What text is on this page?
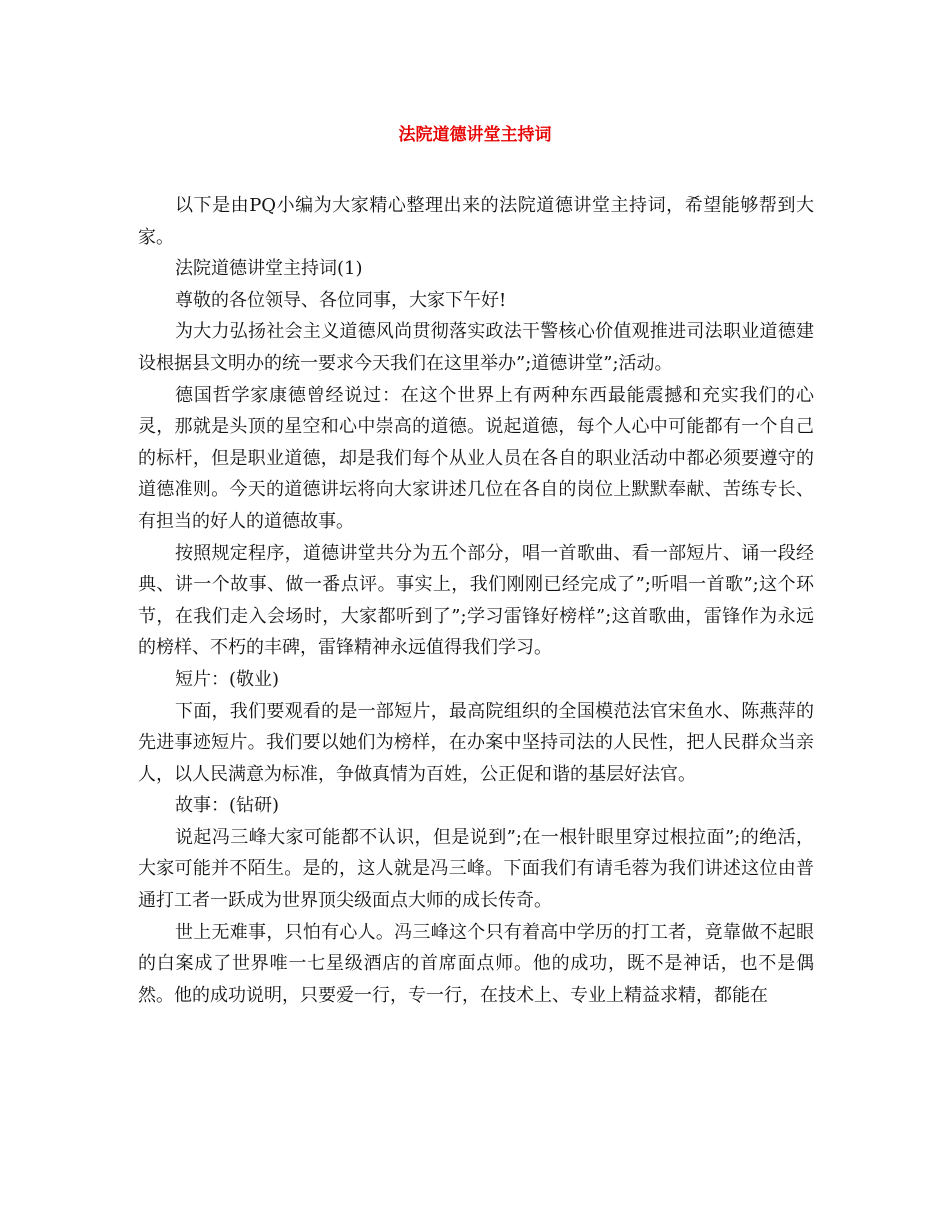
法院道德讲堂主持词

以下是由PQ小编为大家精心整理出来的法院道德讲堂主持词，希望能够帮到大家。

法院道德讲堂主持词(1)

尊敬的各位领导、各位同事，大家下午好!

为大力弘扬社会主义道德风尚贯彻落实政法干警核心价值观推进司法职业道德建设根据县文明办的统一要求今天我们在这里举办”;道德讲堂”;活动。

德国哲学家康德曾经说过：在这个世界上有两种东西最能震撼和充实我们的心灵，那就是头顶的星空和心中崇高的道德。说起道德，每个人心中可能都有一个自己的标杆，但是职业道德，却是我们每个从业人员在各自的职业活动中都必须要遵守的道德准则。今天的道德讲坛将向大家讲述几位在各自的岗位上默默奉献、苦练专长、有担当的好人的道德故事。

按照规定程序，道德讲堂共分为五个部分，唱一首歌曲、看一部短片、诵一段经典、讲一个故事、做一番点评。事实上，我们刚刚已经完成了”;听唱一首歌”;这个环节，在我们走入会场时，大家都听到了”;学习雷锋好榜样”;这首歌曲，雷锋作为永远的榜样、不朽的丰碑，雷锋精神永远值得我们学习。

短片：(敬业)

下面，我们要观看的是一部短片，最高院组织的全国模范法官宋鱼水、陈燕萍的先进事迹短片。我们要以她们为榜样，在办案中坚持司法的人民性，把人民群众当亲人，以人民满意为标准，争做真情为百姓，公正促和谐的基层好法官。

故事：(钻研)

说起冯三峰大家可能都不认识，但是说到”;在一根针眼里穿过根拉面”;的绝活，大家可能并不陌生。是的，这人就是冯三峰。下面我们有请毛蓉为我们讲述这位由普通打工者一跃成为世界顶尖级面点大师的成长传奇。

世上无难事，只怕有心人。冯三峰这个只有着高中学历的打工者，竟靠做不起眼的白案成了世界唯一七星级酒店的首席面点师。他的成功，既不是神话，也不是偶然。他的成功说明，只要爱一行，专一行，在技术上、专业上精益求精，都能在
